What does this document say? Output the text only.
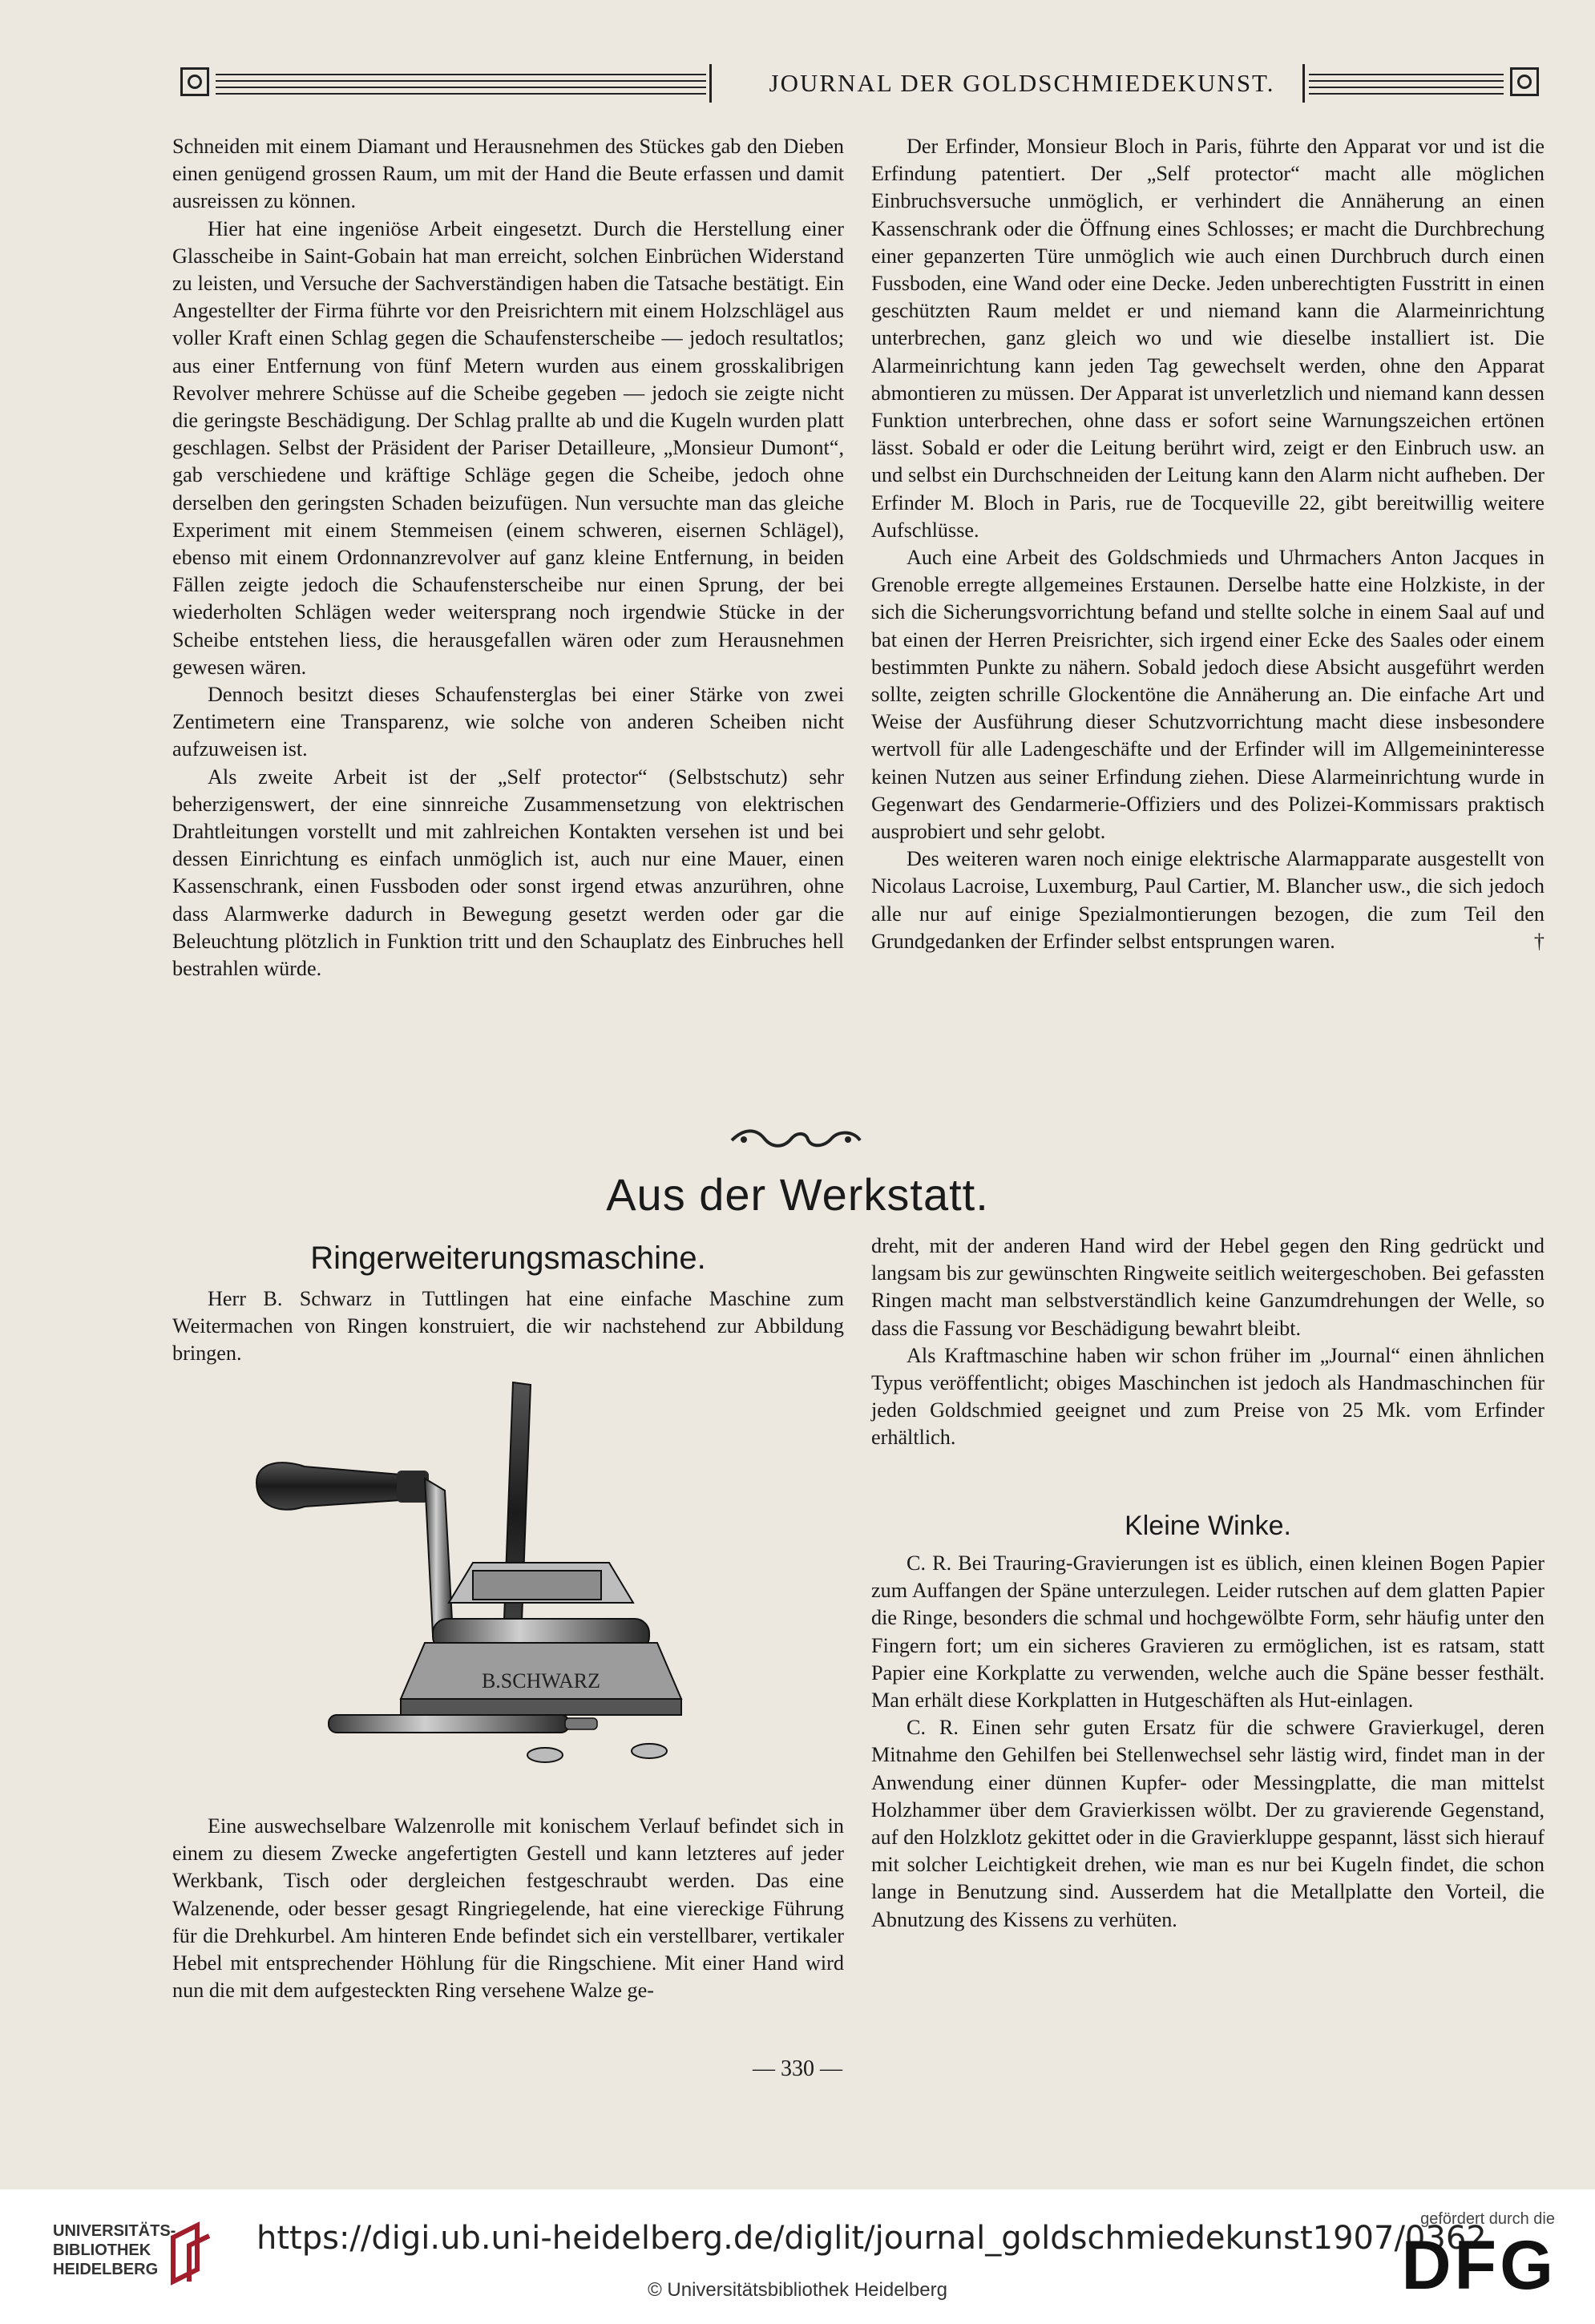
JOURNAL DER GOLDSCHMIEDEKUNST.

Schneiden mit einem Diamant und Herausnehmen des Stückes gab den Dieben einen genügend grossen Raum, um mit der Hand die Beute erfassen und damit ausreissen zu können.

Hier hat eine ingeniöse Arbeit eingesetzt. Durch die Herstellung einer Glasscheibe in Saint-Gobain hat man erreicht, solchen Einbrüchen Widerstand zu leisten, und Versuche der Sachverständigen haben die Tatsache bestätigt. Ein Angestellter der Firma führte vor den Preisrichtern mit einem Holzschlägel aus voller Kraft einen Schlag gegen die Schaufensterscheibe — jedoch resultatlos; aus einer Entfernung von fünf Metern wurden aus einem grosskalibrigen Revolver mehrere Schüsse auf die Scheibe gegeben — jedoch sie zeigte nicht die geringste Beschädigung. Der Schlag prallte ab und die Kugeln wurden platt geschlagen. Selbst der Präsident der Pariser Detailleure, „Monsieur Dumont“, gab verschiedene und kräftige Schläge gegen die Scheibe, jedoch ohne derselben den geringsten Schaden beizufügen. Nun versuchte man das gleiche Experiment mit einem Stemmeisen (einem schweren, eisernen Schlägel), ebenso mit einem Ordonnanzrevolver auf ganz kleine Entfernung, in beiden Fällen zeigte jedoch die Schaufensterscheibe nur einen Sprung, der bei wiederholten Schlägen weder weitersprang noch irgendwie Stücke in der Scheibe entstehen liess, die herausgefallen wären oder zum Herausnehmen gewesen wären.

Dennoch besitzt dieses Schaufensterglas bei einer Stärke von zwei Zentimetern eine Transparenz, wie solche von anderen Scheiben nicht aufzuweisen ist.

Als zweite Arbeit ist der „Self protector“ (Selbstschutz) sehr beherzigenswert, der eine sinnreiche Zusammensetzung von elektrischen Drahtleitungen vorstellt und mit zahlreichen Kontakten versehen ist und bei dessen Einrichtung es einfach unmöglich ist, auch nur eine Mauer, einen Kassenschrank, einen Fussboden oder sonst irgend etwas anzurühren, ohne dass Alarmwerke dadurch in Bewegung gesetzt werden oder gar die Beleuchtung plötzlich in Funktion tritt und den Schauplatz des Einbruches hell bestrahlen würde.

Der Erfinder, Monsieur Bloch in Paris, führte den Apparat vor und ist die Erfindung patentiert. Der „Self protector“ macht alle möglichen Einbruchsversuche unmöglich, er verhindert die Annäherung an einen Kassenschrank oder die Öffnung eines Schlosses; er macht die Durchbrechung einer gepanzerten Türe unmöglich wie auch einen Durchbruch durch einen Fussboden, eine Wand oder eine Decke. Jeden unberechtigten Fusstritt in einen geschützten Raum meldet er und niemand kann die Alarmeinrichtung unterbrechen, ganz gleich wo und wie dieselbe installiert ist. Die Alarmeinrichtung kann jeden Tag gewechselt werden, ohne den Apparat abmontieren zu müssen. Der Apparat ist unverletzlich und niemand kann dessen Funktion unterbrechen, ohne dass er sofort seine Warnungszeichen ertönen lässt. Sobald er oder die Leitung berührt wird, zeigt er den Einbruch usw. an und selbst ein Durchschneiden der Leitung kann den Alarm nicht aufheben. Der Erfinder M. Bloch in Paris, rue de Tocqueville 22, gibt bereitwillig weitere Aufschlüsse.

Auch eine Arbeit des Goldschmieds und Uhrmachers Anton Jacques in Grenoble erregte allgemeines Erstaunen. Derselbe hatte eine Holzkiste, in der sich die Sicherungsvorrichtung befand und stellte solche in einem Saal auf und bat einen der Herren Preisrichter, sich irgend einer Ecke des Saales oder einem bestimmten Punkte zu nähern. Sobald jedoch diese Absicht ausgeführt werden sollte, zeigten schrille Glockentöne die Annäherung an. Die einfache Art und Weise der Ausführung dieser Schutzvorrichtung macht diese insbesondere wertvoll für alle Ladengeschäfte und der Erfinder will im Allgemeininteresse keinen Nutzen aus seiner Erfindung ziehen. Diese Alarmeinrichtung wurde in Gegenwart des Gendarmerie-Offiziers und des Polizei-Kommissars praktisch ausprobiert und sehr gelobt.

Des weiteren waren noch einige elektrische Alarmapparate ausgestellt von Nicolaus Lacroise, Luxemburg, Paul Cartier, M. Blancher usw., die sich jedoch alle nur auf einige Spezialmontierungen bezogen, die zum Teil den Grundgedanken der Erfinder selbst entsprungen waren.	†

Aus der Werkstatt.
Ringerweiterungsmaschine.

Herr B. Schwarz in Tuttlingen hat eine einfache Maschine zum Weitermachen von Ringen konstruiert, die wir nachstehend zur Abbildung bringen.

B.SCHWARZ

Eine auswechselbare Walzenrolle mit konischem Verlauf befindet sich in einem zu diesem Zwecke angefertigten Gestell und kann letzteres auf jeder Werkbank, Tisch oder dergleichen festgeschraubt werden. Das eine Walzenende, oder besser gesagt Ringriegelende, hat eine viereckige Führung für die Drehkurbel. Am hinteren Ende befindet sich ein verstellbarer, vertikaler Hebel mit entsprechender Höhlung für die Ringschiene. Mit einer Hand wird nun die mit dem aufgesteckten Ring versehene Walze ge-

dreht, mit der anderen Hand wird der Hebel gegen den Ring gedrückt und langsam bis zur gewünschten Ringweite seitlich weitergeschoben. Bei gefassten Ringen macht man selbstverständlich keine Ganzumdrehungen der Welle, so dass die Fassung vor Beschädigung bewahrt bleibt.

Als Kraftmaschine haben wir schon früher im „Journal“ einen ähnlichen Typus veröffentlicht; obiges Maschinchen ist jedoch als Handmaschinchen für jeden Goldschmied geeignet und zum Preise von 25 Mk. vom Erfinder erhältlich.

Kleine Winke.

C. R. Bei Trauring-Gravierungen ist es üblich, einen kleinen Bogen Papier zum Auffangen der Späne unterzulegen. Leider rutschen auf dem glatten Papier die Ringe, besonders die schmal und hochgewölbte Form, sehr häufig unter den Fingern fort; um ein sicheres Gravieren zu ermöglichen, ist es ratsam, statt Papier eine Korkplatte zu verwenden, welche auch die Späne besser festhält. Man erhält diese Korkplatten in Hutgeschäften als Hut-einlagen.

C. R. Einen sehr guten Ersatz für die schwere Gravierkugel, deren Mitnahme den Gehilfen bei Stellenwechsel sehr lästig wird, findet man in der Anwendung einer dünnen Kupfer- oder Messingplatte, die man mittelst Holzhammer über dem Gravierkissen wölbt. Der zu gravierende Gegenstand, auf den Holzklotz gekittet oder in die Gravierkluppe gespannt, lässt sich hierauf mit solcher Leichtigkeit drehen, wie man es nur bei Kugeln findet, die schon lange in Benutzung sind. Ausserdem hat die Metallplatte den Vorteil, die Abnutzung des Kissens zu verhüten.

— 330 —
UNIVERSITÄTS-
BIBLIOTHEK
HEIDELBERG
https://digi.ub.uni-heidelberg.de/diglit/journal_goldschmiedekunst1907/0362
© Universitätsbibliothek Heidelberg
gefördert durch die
DFG
